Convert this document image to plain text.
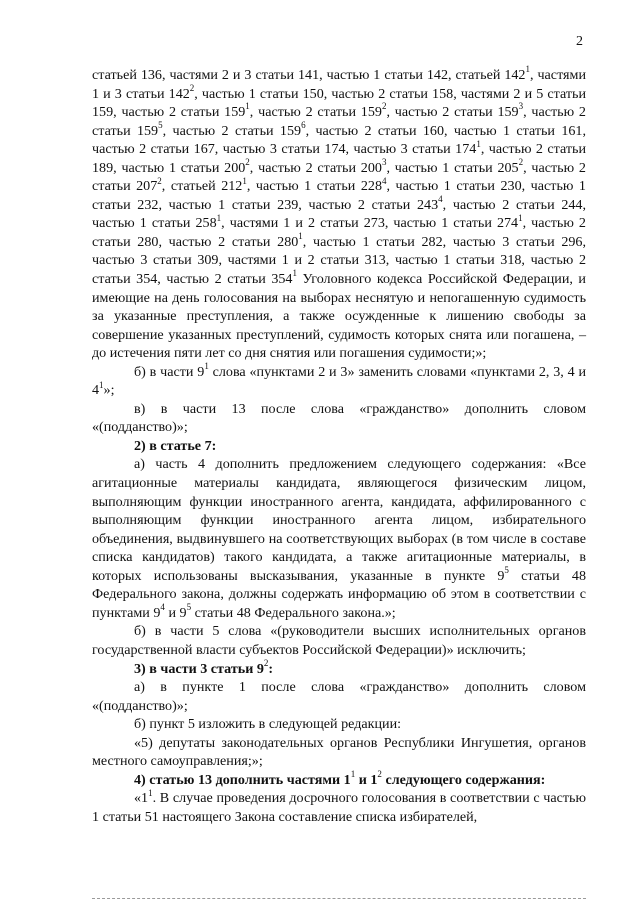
2

статьей 136, частями 2 и 3 статьи 141, частью 1 статьи 142, статьей $142^1$, частями 1 и 3 статьи $142^2$, частью 1 статьи 150, частью 2 статьи 158, частями 2 и 5 статьи 159, частью 2 статьи $159^1$, частью 2 статьи $159^2$, частью 2 статьи $159^3$, частью 2 статьи $159^5$, частью 2 статьи $159^6$, частью 2 статьи 160, частью 1 статьи 161, частью 2 статьи 167, частью 3 статьи 174, частью 3 статьи $174^1$, частью 2 статьи 189, частью 1 статьи $200^2$, частью 2 статьи $200^3$, частью 1 статьи $205^2$, частью 2 статьи $207^2$, статьей $212^1$, частью 1 статьи $228^4$, частью 1 статьи 230, частью 1 статьи 232, частью 1 статьи 239, частью 2 статьи $243^4$, частью 2 статьи 244, частью 1 статьи $258^1$, частями 1 и 2 статьи 273, частью 1 статьи $274^1$, частью 2 статьи 280, частью 2 статьи $280^1$, частью 1 статьи 282, частью 3 статьи 296, частью 3 статьи 309, частями 1 и 2 статьи 313, частью 1 статьи 318, частью 2 статьи 354, частью 2 статьи $354^1$ Уголовного кодекса Российской Федерации, и имеющие на день голосования на выборах неснятую и непогашенную судимость за указанные преступления, а также осужденные к лишению свободы за совершение указанных преступлений, судимость которых снята или погашена, – до истечения пяти лет со дня снятия или погашения судимости;»;

б) в части $9^1$ слова «пунктами 2 и 3» заменить словами «пунктами 2, 3, 4 и $4^1$»;

в) в части 13 после слова «гражданство» дополнить словом «(подданство)»;

2) в статье 7:

а) часть 4 дополнить предложением следующего содержания: «Все агитационные материалы кандидата, являющегося физическим лицом, выполняющим функции иностранного агента, кандидата, аффилированного с выполняющим функции иностранного агента лицом, избирательного объединения, выдвинувшего на соответствующих выборах (в том числе в составе списка кандидатов) такого кандидата, а также агитационные материалы, в которых использованы высказывания, указанные в пункте $9^5$ статьи 48 Федерального закона, должны содержать информацию об этом в соответствии с пунктами $9^4$ и $9^5$ статьи 48 Федерального закона.»;

б) в части 5 слова «(руководители высших исполнительных органов государственной власти субъектов Российской Федерации)» исключить;

3) в части 3 статьи $9^2$:

а) в пункте 1 после слова «гражданство» дополнить словом «(подданство)»;

б) пункт 5 изложить в следующей редакции:

«5) депутаты законодательных органов Республики Ингушетия, органов местного самоуправления;»;

4) статью 13 дополнить частями $1^1$ и $1^2$ следующего содержания:

«$1^1$. В случае проведения досрочного голосования в соответствии с частью 1 статьи 51 настоящего Закона составление списка избирателей,
